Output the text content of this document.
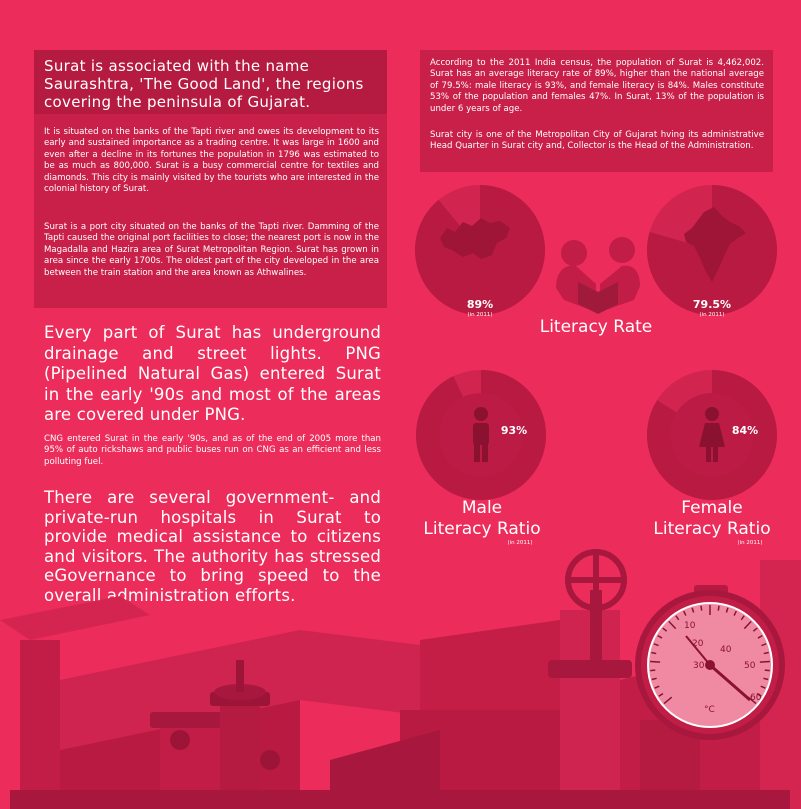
Surat is associated with the name Saurashtra, 'The Good Land', the regions covering the peninsula of Gujarat.
It is situated on the banks of the Tapti river and owes its development to its early and sustained importance as a trading centre. It was large in 1600 and even after a decline in its fortunes the population in 1796 was estimated to be as much as 800,000. Surat is a busy commercial centre for textiles and diamonds. This city is mainly visited by the tourists who are interested in the colonial history of Surat.
Surat is a port city situated on the banks of the Tapti river. Damming of the Tapti caused the original port facilities to close; the nearest port is now in the Magadalla and Hazira area of Surat Metropolitan Region. Surat has grown in area since the early 1700s. The oldest part of the city developed in the area between the train station and the area known as Athwalines.
Every part of Surat has underground drainage and street lights. PNG (Pipelined Natural Gas) entered Surat in the early '90s and most of the areas are covered under PNG.
CNG entered Surat in the early '90s, and as of the end of 2005 more than 95% of auto rickshaws and public buses run on CNG as an efficient and less polluting fuel.
There are several government- and private-run hospitals in Surat to provide medical assistance to citizens and visitors. The authority has stressed eGovernance to bring speed to the overall administration efforts.
According to the 2011 India census, the population of Surat is 4,462,002. Surat has an average literacy rate of 89%, higher than the national average of 79.5%: male literacy is 93%, and female literacy is 84%. Males constitute 53% of the population and females 47%. In Surat, 13% of the population is under 6 years of age.
Surat city is one of the Metropolitan City of Gujarat hving its administrative Head Quarter in Surat city and, Collector is the Head of the Administration.
10
20
30
40
50
60
°C
89%
(in 2011)
79.5%
(in 2011)
Literacy Rate
93%	84%
Male
Literacy Ratio
(in 2011)
Female
Literacy Ratio
(in 2011)
